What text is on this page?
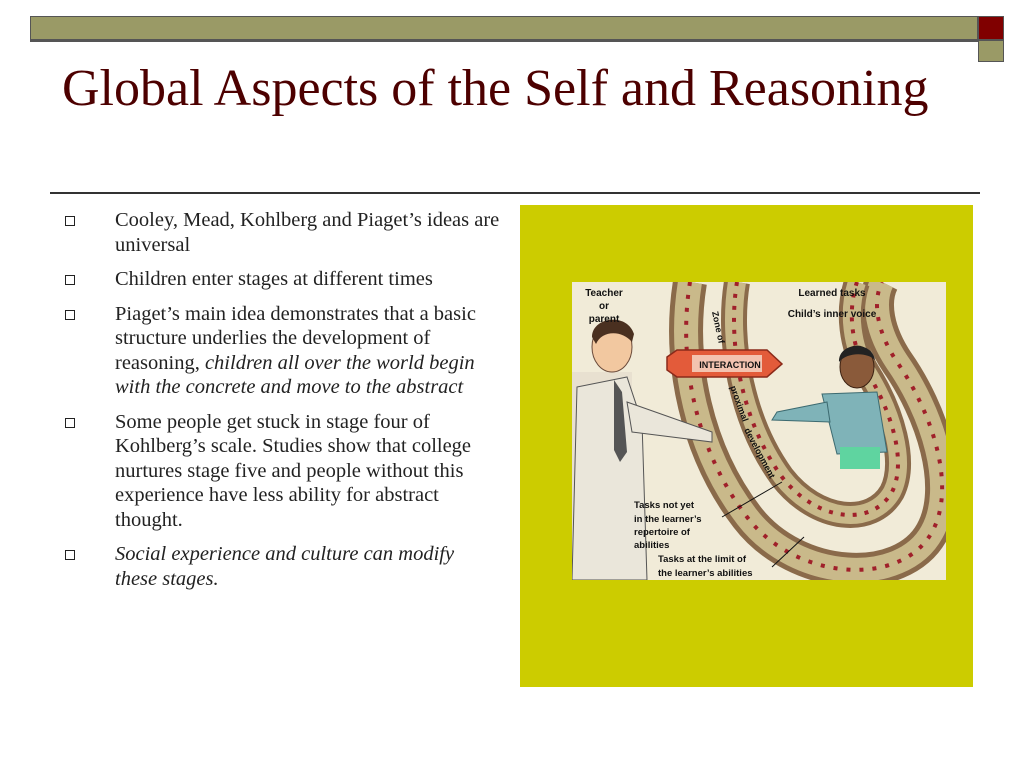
Global Aspects of the Self and Reasoning
Cooley, Mead, Kohlberg and Piaget’s ideas are universal
Children enter stages at different times
Piaget’s main idea demonstrates that a basic structure underlies the development of reasoning, children all over the world begin with the concrete and move to the abstract
Some people get stuck in stage four of Kohlberg’s scale. Studies show that college nurtures stage five and people without this experience have less ability for abstract thought.
Social experience and culture can modify these stages.
INTERACTION
Teacher
or
parent
Learned tasks
Child’s inner voice
Zone of
proximal
development
Tasks not yet
in the learner’s
repertoire of
abilities
Tasks at the limit of
the learner’s abilities
